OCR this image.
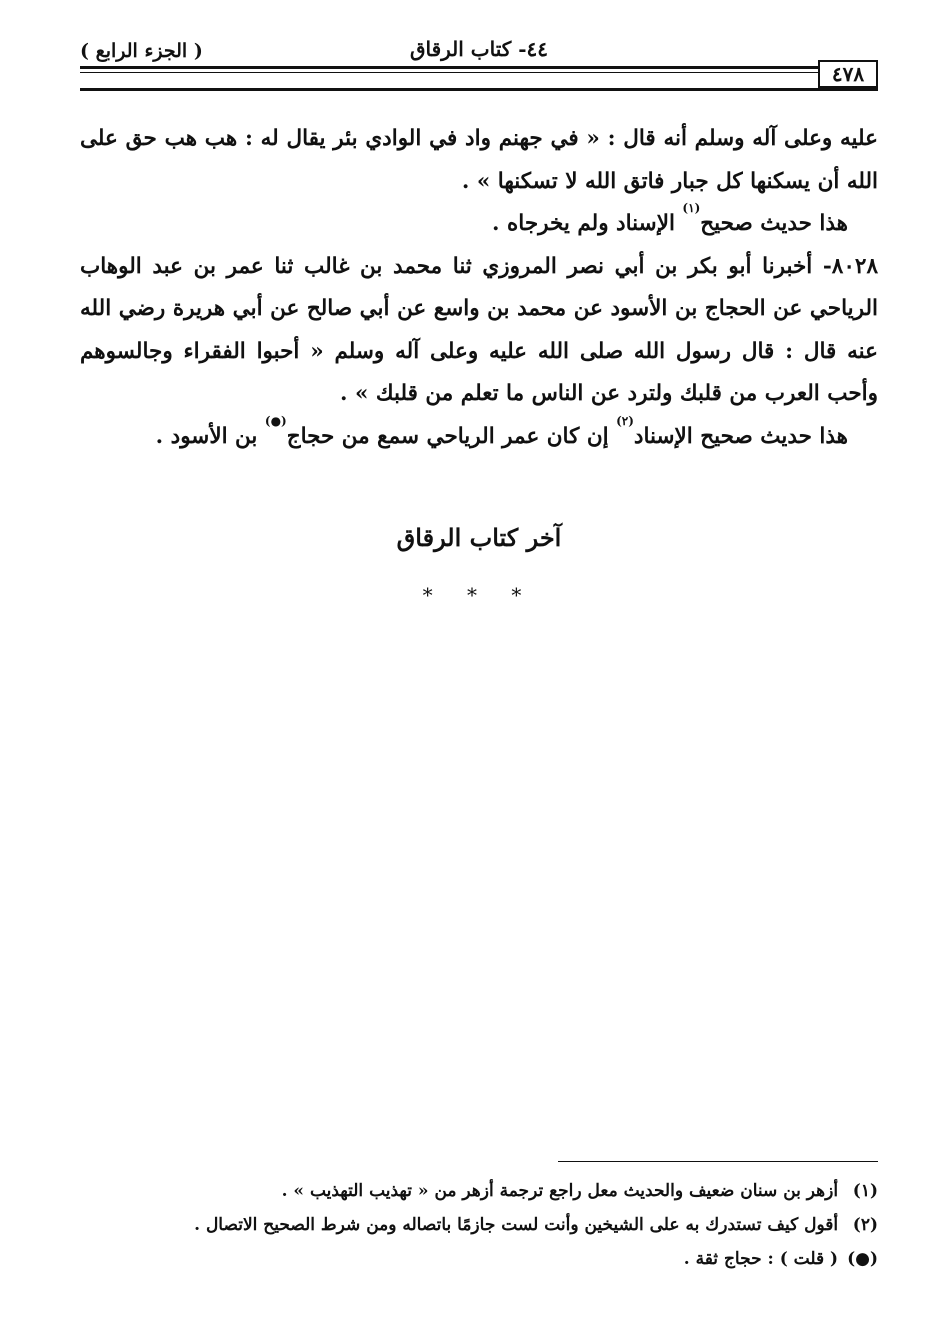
٤٧٨
٤٤- كتاب الرقاق
( الجزء الرابع )

عليه وعلى آله وسلم أنه قال : « في جهنم واد في الوادي بئر يقال له : هب هب حق على الله أن يسكنها كل جبار فاتق الله لا تسكنها » .

هذا حديث صحيح$^{(١)}$ الإسناد ولم يخرجاه .

٨٠٢٨- أخبرنا أبو بكر بن أبي نصر المروزي ثنا محمد بن غالب ثنا عمر بن عبد الوهاب الرياحي عن الحجاج بن الأسود عن محمد بن واسع عن أبي صالح عن أبي هريرة رضي الله عنه قال : قال رسول الله صلى الله عليه وعلى آله وسلم « أحبوا الفقراء وجالسوهم وأحب العرب من قلبك ولترد عن الناس ما تعلم من قلبك » .

هذا حديث صحيح الإسناد$^{(٢)}$ إن كان عمر الرياحي سمع من حجاج(●) بن الأسود .

آخر كتاب الرقاق
* * *

(١) أزهر بن سنان ضعيف والحديث معل راجع ترجمة أزهر من « تهذيب التهذيب » .

(٢) أقول كيف تستدرك به على الشيخين وأنت لست جازمًا باتصاله ومن شرط الصحيح الاتصال .

(●) ( قلت ) : حجاج ثقة .
